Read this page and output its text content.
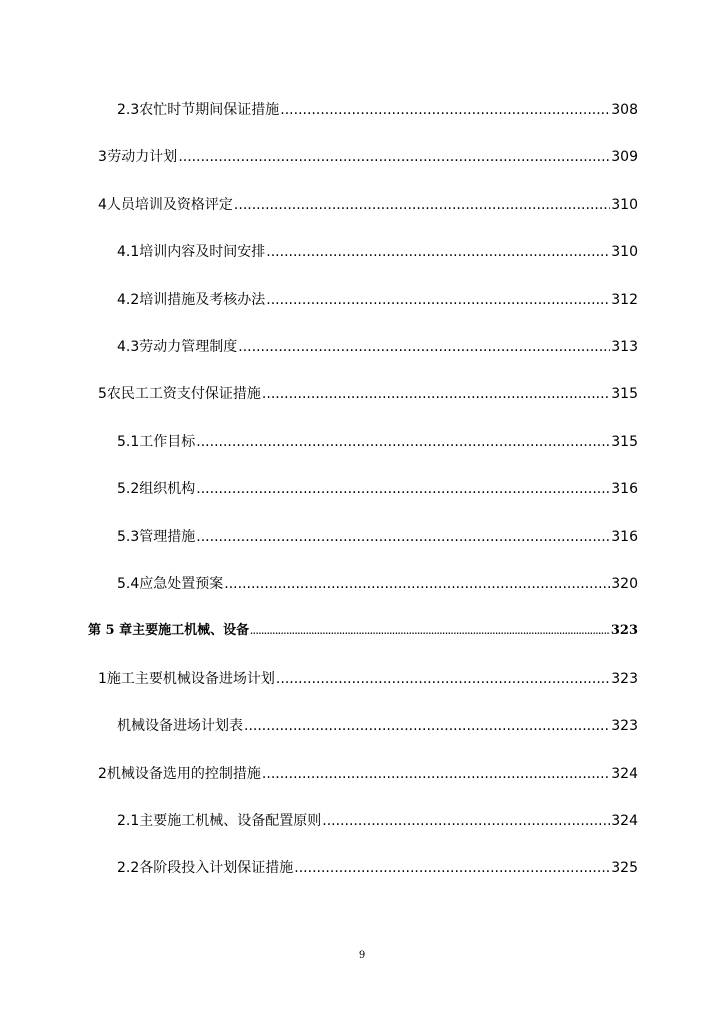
2.3 农忙时节期间保证措施 .....	308
3 劳动力计划 .....	309
4 人员培训及资格评定 .....	310
4.1 培训内容及时间安排 .....	310
4.2 培训措施及考核办法 .....	312
4.3 劳动力管理制度 .....	313
5 农民工工资支付保证措施 .....	315
5.1 工作目标 .....	315
5.2 组织机构 .....	316
5.3 管理措施 .....	316
5.4 应急处置预案 .....	320
第 5 章 主要施工机械、设备 .....	323
1 施工主要机械设备进场计划 .....	323
机械设备进场计划表 .....	323
2 机械设备选用的控制措施 .....	324
2.1 主要施工机械、设备配置原则 .....	324
2.2 各阶段投入计划保证措施 .....	325
9
